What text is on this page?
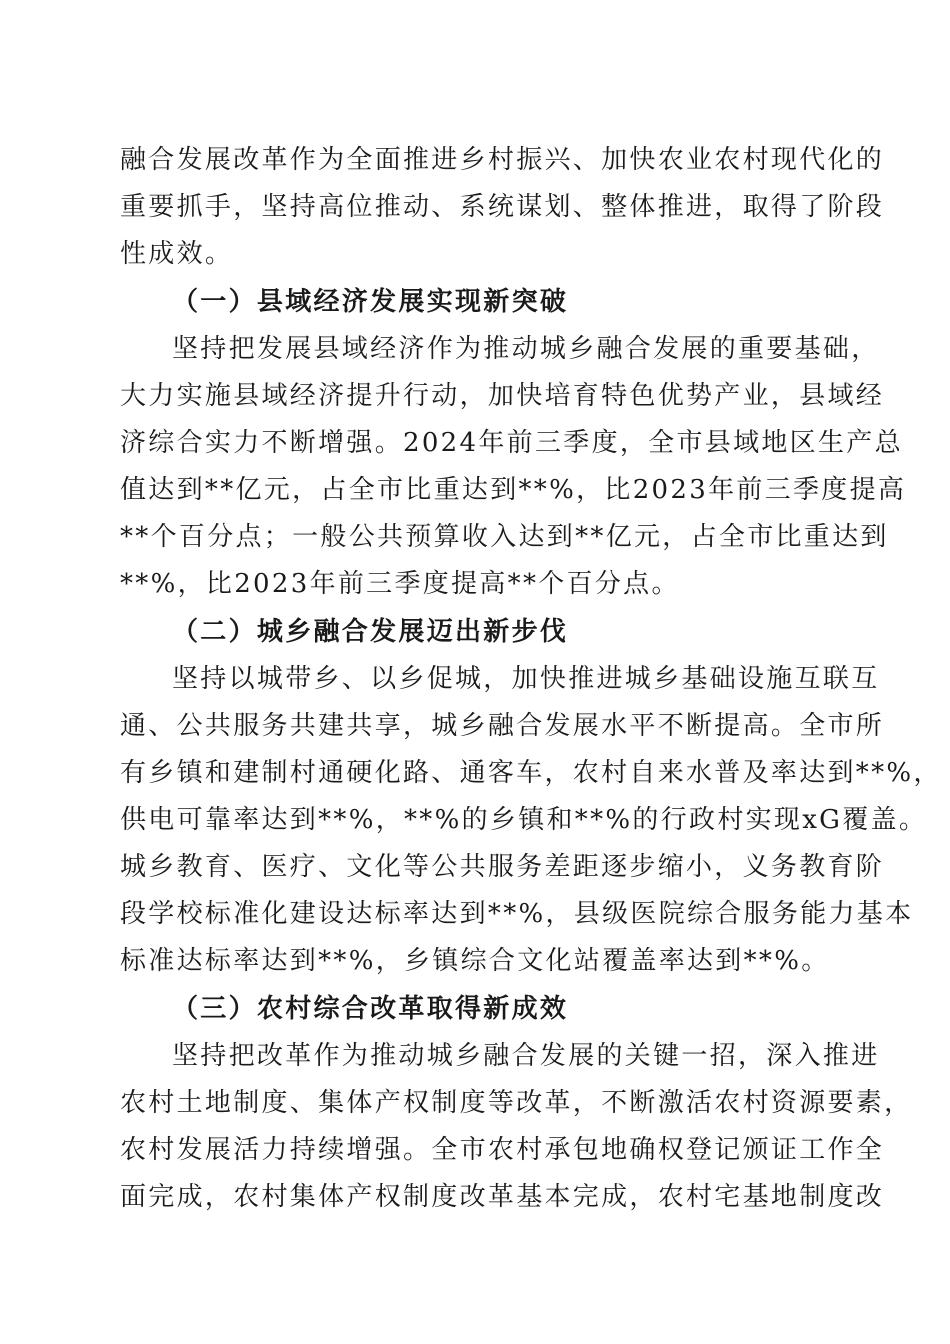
融合发展改革作为全面推进乡村振兴、加快农业农村现代化的
重要抓手，坚持高位推动、系统谋划、整体推进，取得了阶段
性成效。
（一）县域经济发展实现新突破
坚持把发展县域经济作为推动城乡融合发展的重要基础，
大力实施县域经济提升行动，加快培育特色优势产业，县域经
济综合实力不断增强。2024年前三季度，全市县域地区生产总
值达到**亿元，占全市比重达到**%，比2023年前三季度提高
**个百分点；一般公共预算收入达到**亿元，占全市比重达到
**%，比2023年前三季度提高**个百分点。
（二）城乡融合发展迈出新步伐
坚持以城带乡、以乡促城，加快推进城乡基础设施互联互
通、公共服务共建共享，城乡融合发展水平不断提高。全市所
有乡镇和建制村通硬化路、通客车，农村自来水普及率达到**%，
供电可靠率达到**%，**%的乡镇和**%的行政村实现xG覆盖。
城乡教育、医疗、文化等公共服务差距逐步缩小，义务教育阶
段学校标准化建设达标率达到**%，县级医院综合服务能力基本
标准达标率达到**%，乡镇综合文化站覆盖率达到**%。
（三）农村综合改革取得新成效
坚持把改革作为推动城乡融合发展的关键一招，深入推进
农村土地制度、集体产权制度等改革，不断激活农村资源要素，
农村发展活力持续增强。全市农村承包地确权登记颁证工作全
面完成，农村集体产权制度改革基本完成，农村宅基地制度改
